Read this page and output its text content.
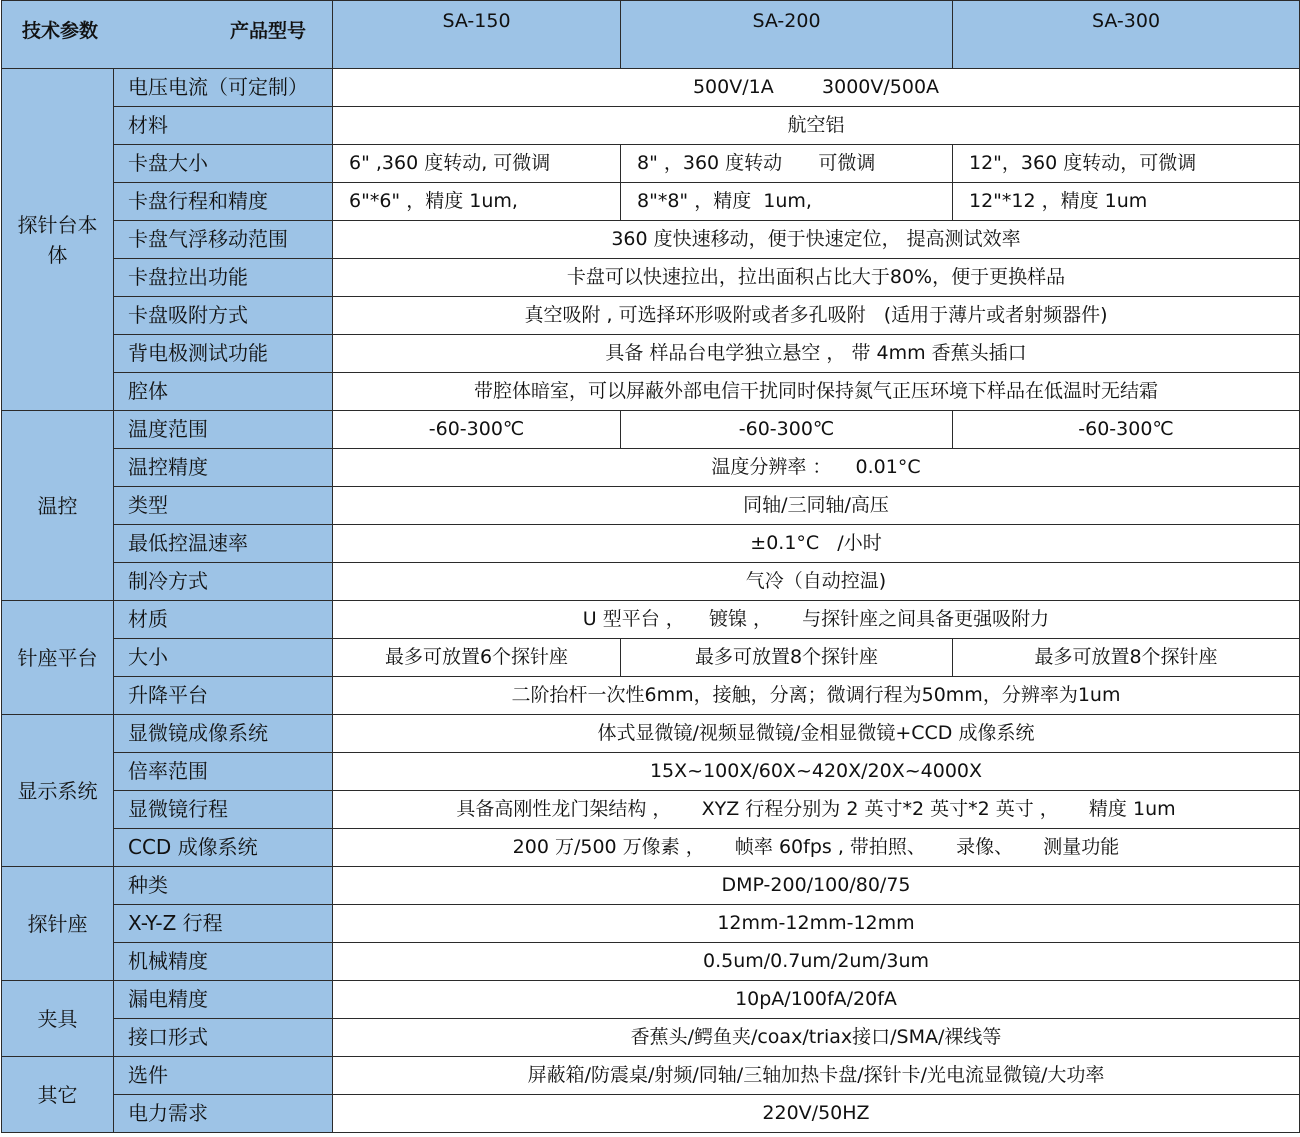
技术参数 产品型号		SA-150	SA-200	SA-300
探针台本体	电压电流（可定制）	500V/1A        3000V/500A		
	材料	航空铝		
	卡盘大小	6" ,360 度转动, 可微调	8" ，360 度转动      可微调	12"，360 度转动，可微调
	卡盘行程和精度	6"*6" ，精度 1um,	8"*8" ，精度  1um,	12"*12 ，精度 1um
	卡盘气浮移动范围	360 度快速移动，便于快速定位， 提高测试效率		
	卡盘拉出功能	卡盘可以快速拉出，拉出面积占比大于80%，便于更换样品		
	卡盘吸附方式	真空吸附 , 可选择环形吸附或者多孔吸附   (适用于薄片或者射频器件)		
	背电极测试功能	具备 样品台电学独立悬空 ， 带 4mm 香蕉头插口		
	腔体	带腔体暗室，可以屏蔽外部电信干扰同时保持氮气正压环境下样品在低温时无结霜		
温控	温度范围	-60-300℃	-60-300℃	-60-300℃
	温控精度	温度分辨率 ：    0.01°C		
	类型	同轴/三同轴/高压		
	最低控温速率	±0.1°C   /小时		
	制冷方式	气冷（自动控温)		
针座平台	材质	U 型平台 ，    镀镍 ，     与探针座之间具备更强吸附力		
	大小	最多可放置6个探针座	最多可放置8个探针座	最多可放置8个探针座
	升降平台	二阶抬杆一次性6mm，接触，分离；微调行程为50mm，分辨率为1um		
显示系统	显微镜成像系统	体式显微镜/视频显微镜/金相显微镜+CCD 成像系统		
	倍率范围	15X~100X/60X~420X/20X~4000X		
	显微镜行程	具备高刚性龙门架结构 ，     XYZ 行程分别为 2 英寸*2 英寸*2 英寸 ，     精度 1um		
	CCD 成像系统	200 万/500 万像素 ，     帧率 60fps , 带拍照、     录像、     测量功能		
探针座	种类	DMP-200/100/80/75		
	X-Y-Z 行程	12mm-12mm-12mm		
	机械精度	0.5um/0.7um/2um/3um		
夹具	漏电精度	10pA/100fA/20fA		
	接口形式	香蕉头/鳄鱼夹/coax/triax接口/SMA/裸线等		
其它	选件	屏蔽箱/防震桌/射频/同轴/三轴加热卡盘/探针卡/光电流显微镜/大功率		
	电力需求	220V/50HZ		
